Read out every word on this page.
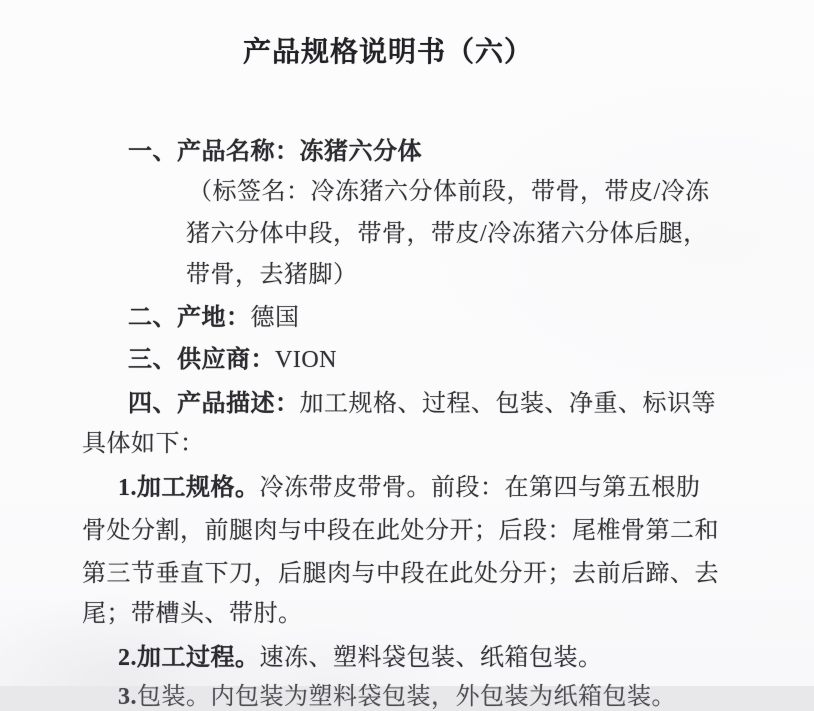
产品规格说明书（六）
一、产品名称：冻猪六分体
（标签名：冷冻猪六分体前段，带骨，带皮/冷冻
猪六分体中段，带骨，带皮/冷冻猪六分体后腿，
带骨，去猪脚）
二、产地：德国
三、供应商：VION
四、产品描述：加工规格、过程、包装、净重、标识等
具体如下：
1.加工规格。冷冻带皮带骨。前段：在第四与第五根肋
骨处分割，前腿肉与中段在此处分开；后段：尾椎骨第二和
第三节垂直下刀，后腿肉与中段在此处分开；去前后蹄、去
尾；带槽头、带肘。
2.加工过程。速冻、塑料袋包装、纸箱包装。
3.包装。内包装为塑料袋包装，外包装为纸箱包装。
